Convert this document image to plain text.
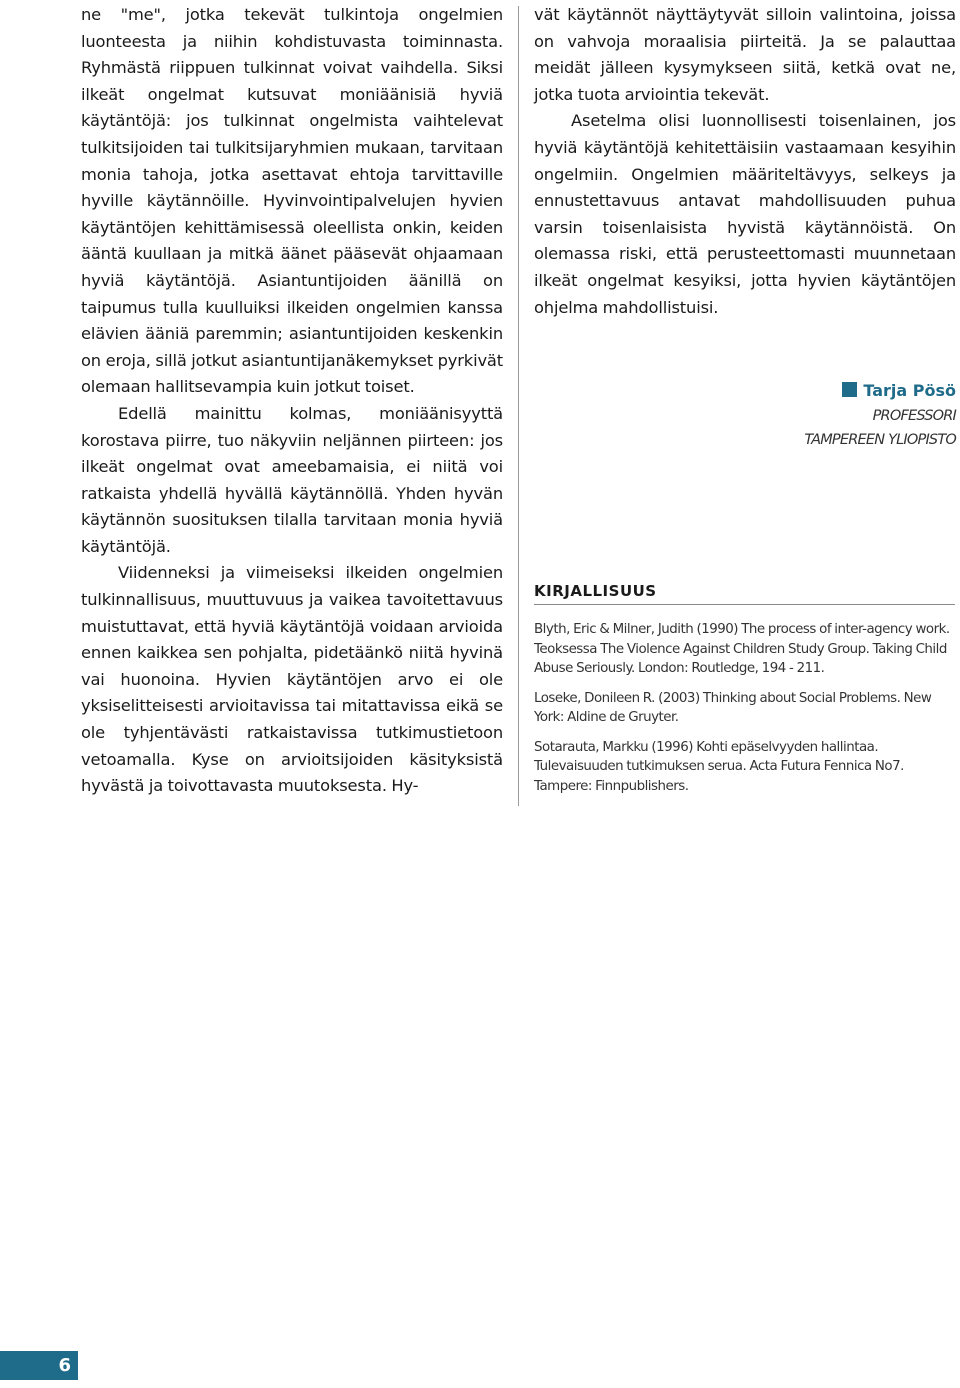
ne "me", jotka tekevät tulkintoja ongelmien luonteesta ja niihin kohdistuvasta toiminnasta. Ryhmästä riippuen tulkinnat voivat vaihdella. Siksi ilkeät ongelmat kutsuvat moniäänisiä hyviä käytäntöjä: jos tulkinnat ongelmista vaihtelevat tulkitsijoiden tai tulkitsijaryhmien mukaan, tarvitaan monia tahoja, jotka asettavat ehtoja tarvittaville hyville käytännöille. Hyvinvointipalvelujen hyvien käytäntöjen kehittämisessä oleellista onkin, keiden ääntä kuullaan ja mitkä äänet pääsevät ohjaamaan hyviä käytäntöjä. Asiantuntijoiden äänillä on taipumus tulla kuulluiksi ilkeiden ongelmien kanssa elävien ääniä paremmin; asiantuntijoiden keskenkin on eroja, sillä jotkut asiantuntijanäkemykset pyrkivät olemaan hallitsevampia kuin jotkut toiset.

Edellä mainittu kolmas, moniäänisyyttä korostava piirre, tuo näkyviin neljännen piirteen: jos ilkeät ongelmat ovat ameebamaisia, ei niitä voi ratkaista yhdellä hyvällä käytännöllä. Yhden hyvän käytännön suosituksen tilalla tarvitaan monia hyviä käytäntöjä.

Viidenneksi ja viimeiseksi ilkeiden ongelmien tulkinnallisuus, muuttuvuus ja vaikea tavoitettavuus muistuttavat, että hyviä käytäntöjä voidaan arvioida ennen kaikkea sen pohjalta, pidetäänkö niitä hyvinä vai huonoina. Hyvien käytäntöjen arvo ei ole yksiselitteisesti arvioitavissa tai mitattavissa eikä se ole tyhjentävästi ratkaistavissa tutkimustietoon vetoamalla. Kyse on arvioitsijoiden käsityksistä hyvästä ja toivottavasta muutoksesta. Hy-

vät käytännöt näyttäytyvät silloin valintoina, joissa on vahvoja moraalisia piirteitä. Ja se palauttaa meidät jälleen kysymykseen siitä, ketkä ovat ne, jotka tuota arviointia tekevät.

Asetelma olisi luonnollisesti toisenlainen, jos hyviä käytäntöjä kehitettäisiin vastaamaan kesyihin ongelmiin. Ongelmien määriteltävyys, selkeys ja ennustettavuus antavat mahdollisuuden puhua varsin toisenlaisista hyvistä käytännöistä. On olemassa riski, että perusteettomasti muunnetaan ilkeät ongelmat kesyiksi, jotta hyvien käytäntöjen ohjelma mahdollistuisi.

Tarja Pösö
PROFESSORI
TAMPEREEN YLIOPISTO
KIRJALLISUUS

Blyth, Eric & Milner, Judith (1990) The process of inter-agency work. Teoksessa The Violence Against Children Study Group. Taking Child Abuse Seriously. London: Routledge, 194 - 211.

Loseke, Donileen R. (2003) Thinking about Social Problems. New York: Aldine de Gruyter.

Sotarauta, Markku (1996) Kohti epäselvyyden hallintaa. Tulevaisuuden tutkimuksen serua. Acta Futura Fennica No7. Tampere: Finnpublishers.

6
